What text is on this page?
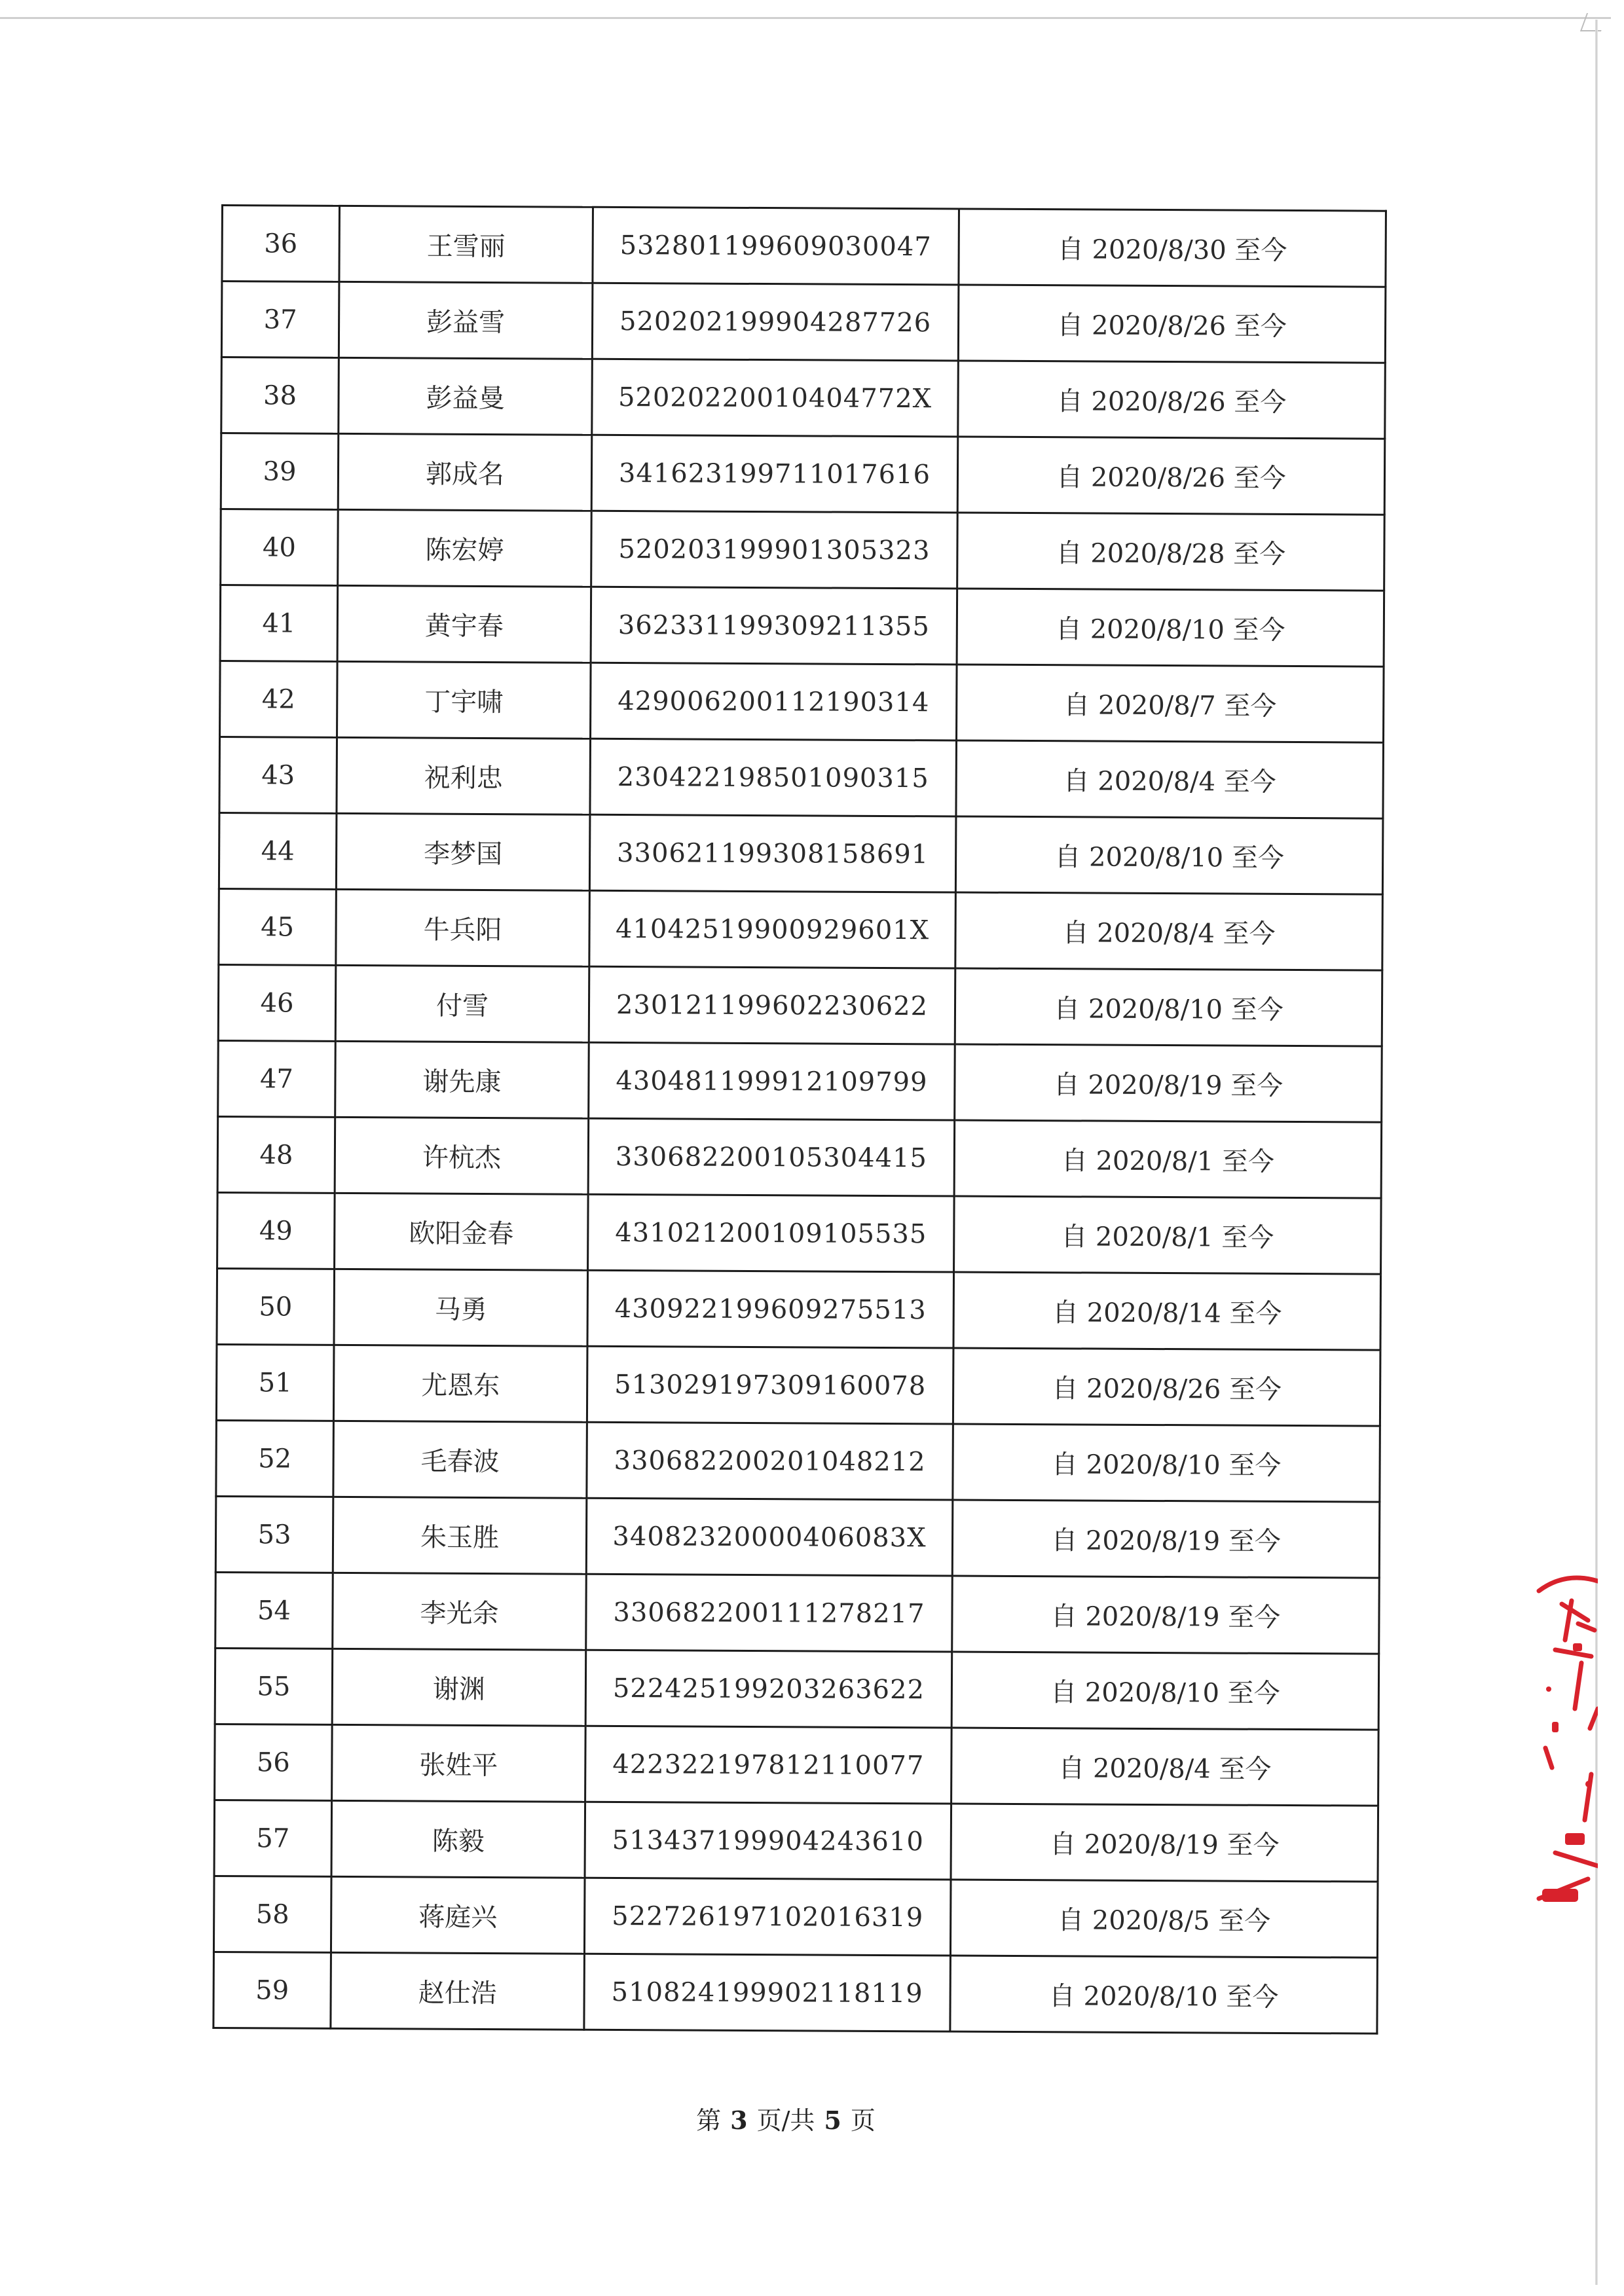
36	王雪丽	532801199609030047	自 2020/8/30 至今
37	彭益雪	520202199904287726	自 2020/8/26 至今
38	彭益曼	52020220010404772X	自 2020/8/26 至今
39	郭成名	341623199711017616	自 2020/8/26 至今
40	陈宏婷	520203199901305323	自 2020/8/28 至今
41	黄宇春	362331199309211355	自 2020/8/10 至今
42	丁宇啸	429006200112190314	自 2020/8/7 至今
43	祝利忠	230422198501090315	自 2020/8/4 至今
44	李梦国	330621199308158691	自 2020/8/10 至今
45	牛兵阳	41042519900929601X	自 2020/8/4 至今
46	付雪	230121199602230622	自 2020/8/10 至今
47	谢先康	430481199912109799	自 2020/8/19 至今
48	许杭杰	330682200105304415	自 2020/8/1 至今
49	欧阳金春	431021200109105535	自 2020/8/1 至今
50	马勇	430922199609275513	自 2020/8/14 至今
51	尤恩东	513029197309160078	自 2020/8/26 至今
52	毛春波	330682200201048212	自 2020/8/10 至今
53	朱玉胜	34082320000406083X	自 2020/8/19 至今
54	李光余	330682200111278217	自 2020/8/19 至今
55	谢渊	522425199203263622	自 2020/8/10 至今
56	张姓平	422322197812110077	自 2020/8/4 至今
57	陈毅	513437199904243610	自 2020/8/19 至今
58	蒋庭兴	522726197102016319	自 2020/8/5 至今
59	赵仕浩	510824199902118119	自 2020/8/10 至今
第 3 页/共 5 页
